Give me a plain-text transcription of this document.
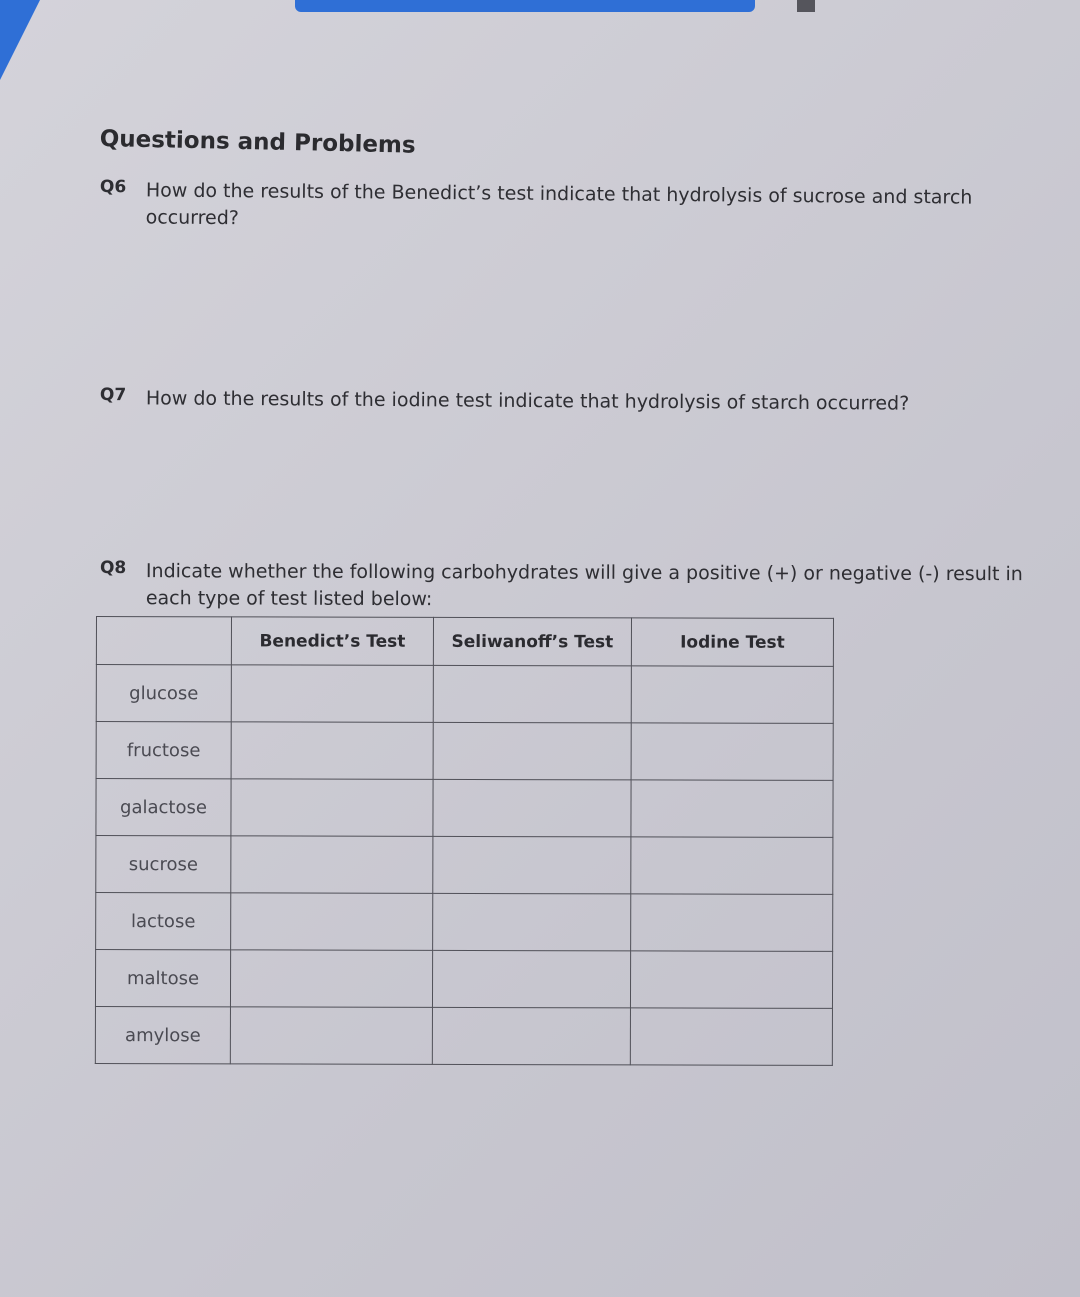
Questions and Problems
Q6 How do the results of the Benedict’s test indicate that hydrolysis of sucrose and starch
occurred?
Q7 How do the results of the iodine test indicate that hydrolysis of starch occurred?
Q8 Indicate whether the following carbohydrates will give a positive (+) or negative (-) result in
each type of test listed below:
	Benedict’s Test	Seliwanoff’s Test	Iodine Test
glucose			
fructose			
galactose			
sucrose			
lactose			
maltose			
amylose			
